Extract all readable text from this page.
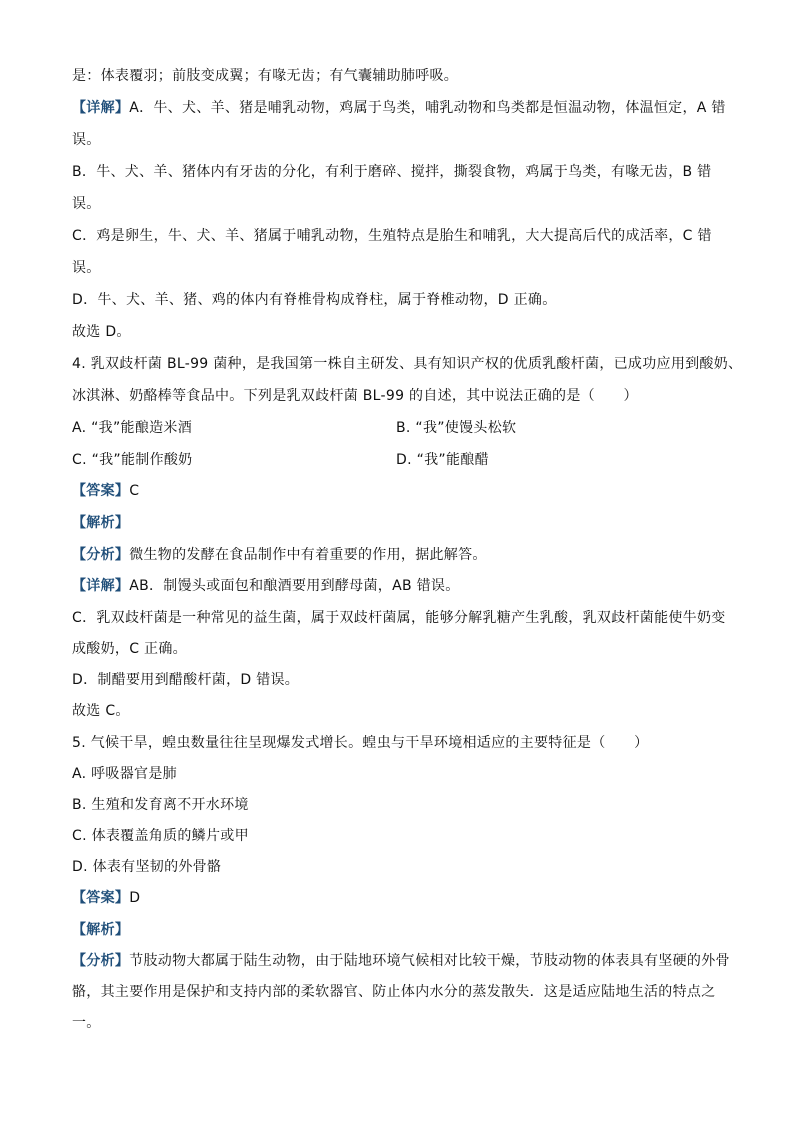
是：体表覆羽；前肢变成翼；有喙无齿；有气囊辅助肺呼吸。
【详解】A．牛、犬、羊、猪是哺乳动物，鸡属于鸟类，哺乳动物和鸟类都是恒温动物，体温恒定，A 错
误。
B．牛、犬、羊、猪体内有牙齿的分化，有利于磨碎、搅拌，撕裂食物，鸡属于鸟类，有喙无齿，B 错
误。
C．鸡是卵生，牛、犬、羊、猪属于哺乳动物，生殖特点是胎生和哺乳，大大提高后代的成活率，C 错
误。
D．牛、犬、羊、猪、鸡的体内有脊椎骨构成脊柱，属于脊椎动物，D 正确。
故选 D。
4. 乳双歧杆菌 BL-99 菌种，是我国第一株自主研发、具有知识产权的优质乳酸杆菌，已成功应用到酸奶、
冰淇淋、奶酪棒等食品中。下列是乳双歧杆菌 BL-99 的自述，其中说法正确的是（　　）
A. “我”能酿造米酒	B. “我”使馒头松软
C. “我”能制作酸奶	D. “我”能酿醋
【答案】C
【解析】
【分析】微生物的发酵在食品制作中有着重要的作用，据此解答。
【详解】AB．制馒头或面包和酿酒要用到酵母菌，AB 错误。
C．乳双歧杆菌是一种常见的益生菌，属于双歧杆菌属，能够分解乳糖产生乳酸，乳双歧杆菌能使牛奶变
成酸奶，C 正确。
D．制醋要用到醋酸杆菌，D 错误。
故选 C。
5. 气候干旱，蝗虫数量往往呈现爆发式增长。蝗虫与干旱环境相适应的主要特征是（　　）
A. 呼吸器官是肺
B. 生殖和发育离不开水环境
C. 体表覆盖角质的鳞片或甲
D. 体表有坚韧的外骨骼
【答案】D
【解析】
【分析】节肢动物大都属于陆生动物，由于陆地环境气候相对比较干燥，节肢动物的体表具有坚硬的外骨
骼，其主要作用是保护和支持内部的柔软器官、防止体内水分的蒸发散失．这是适应陆地生活的特点之
一。
